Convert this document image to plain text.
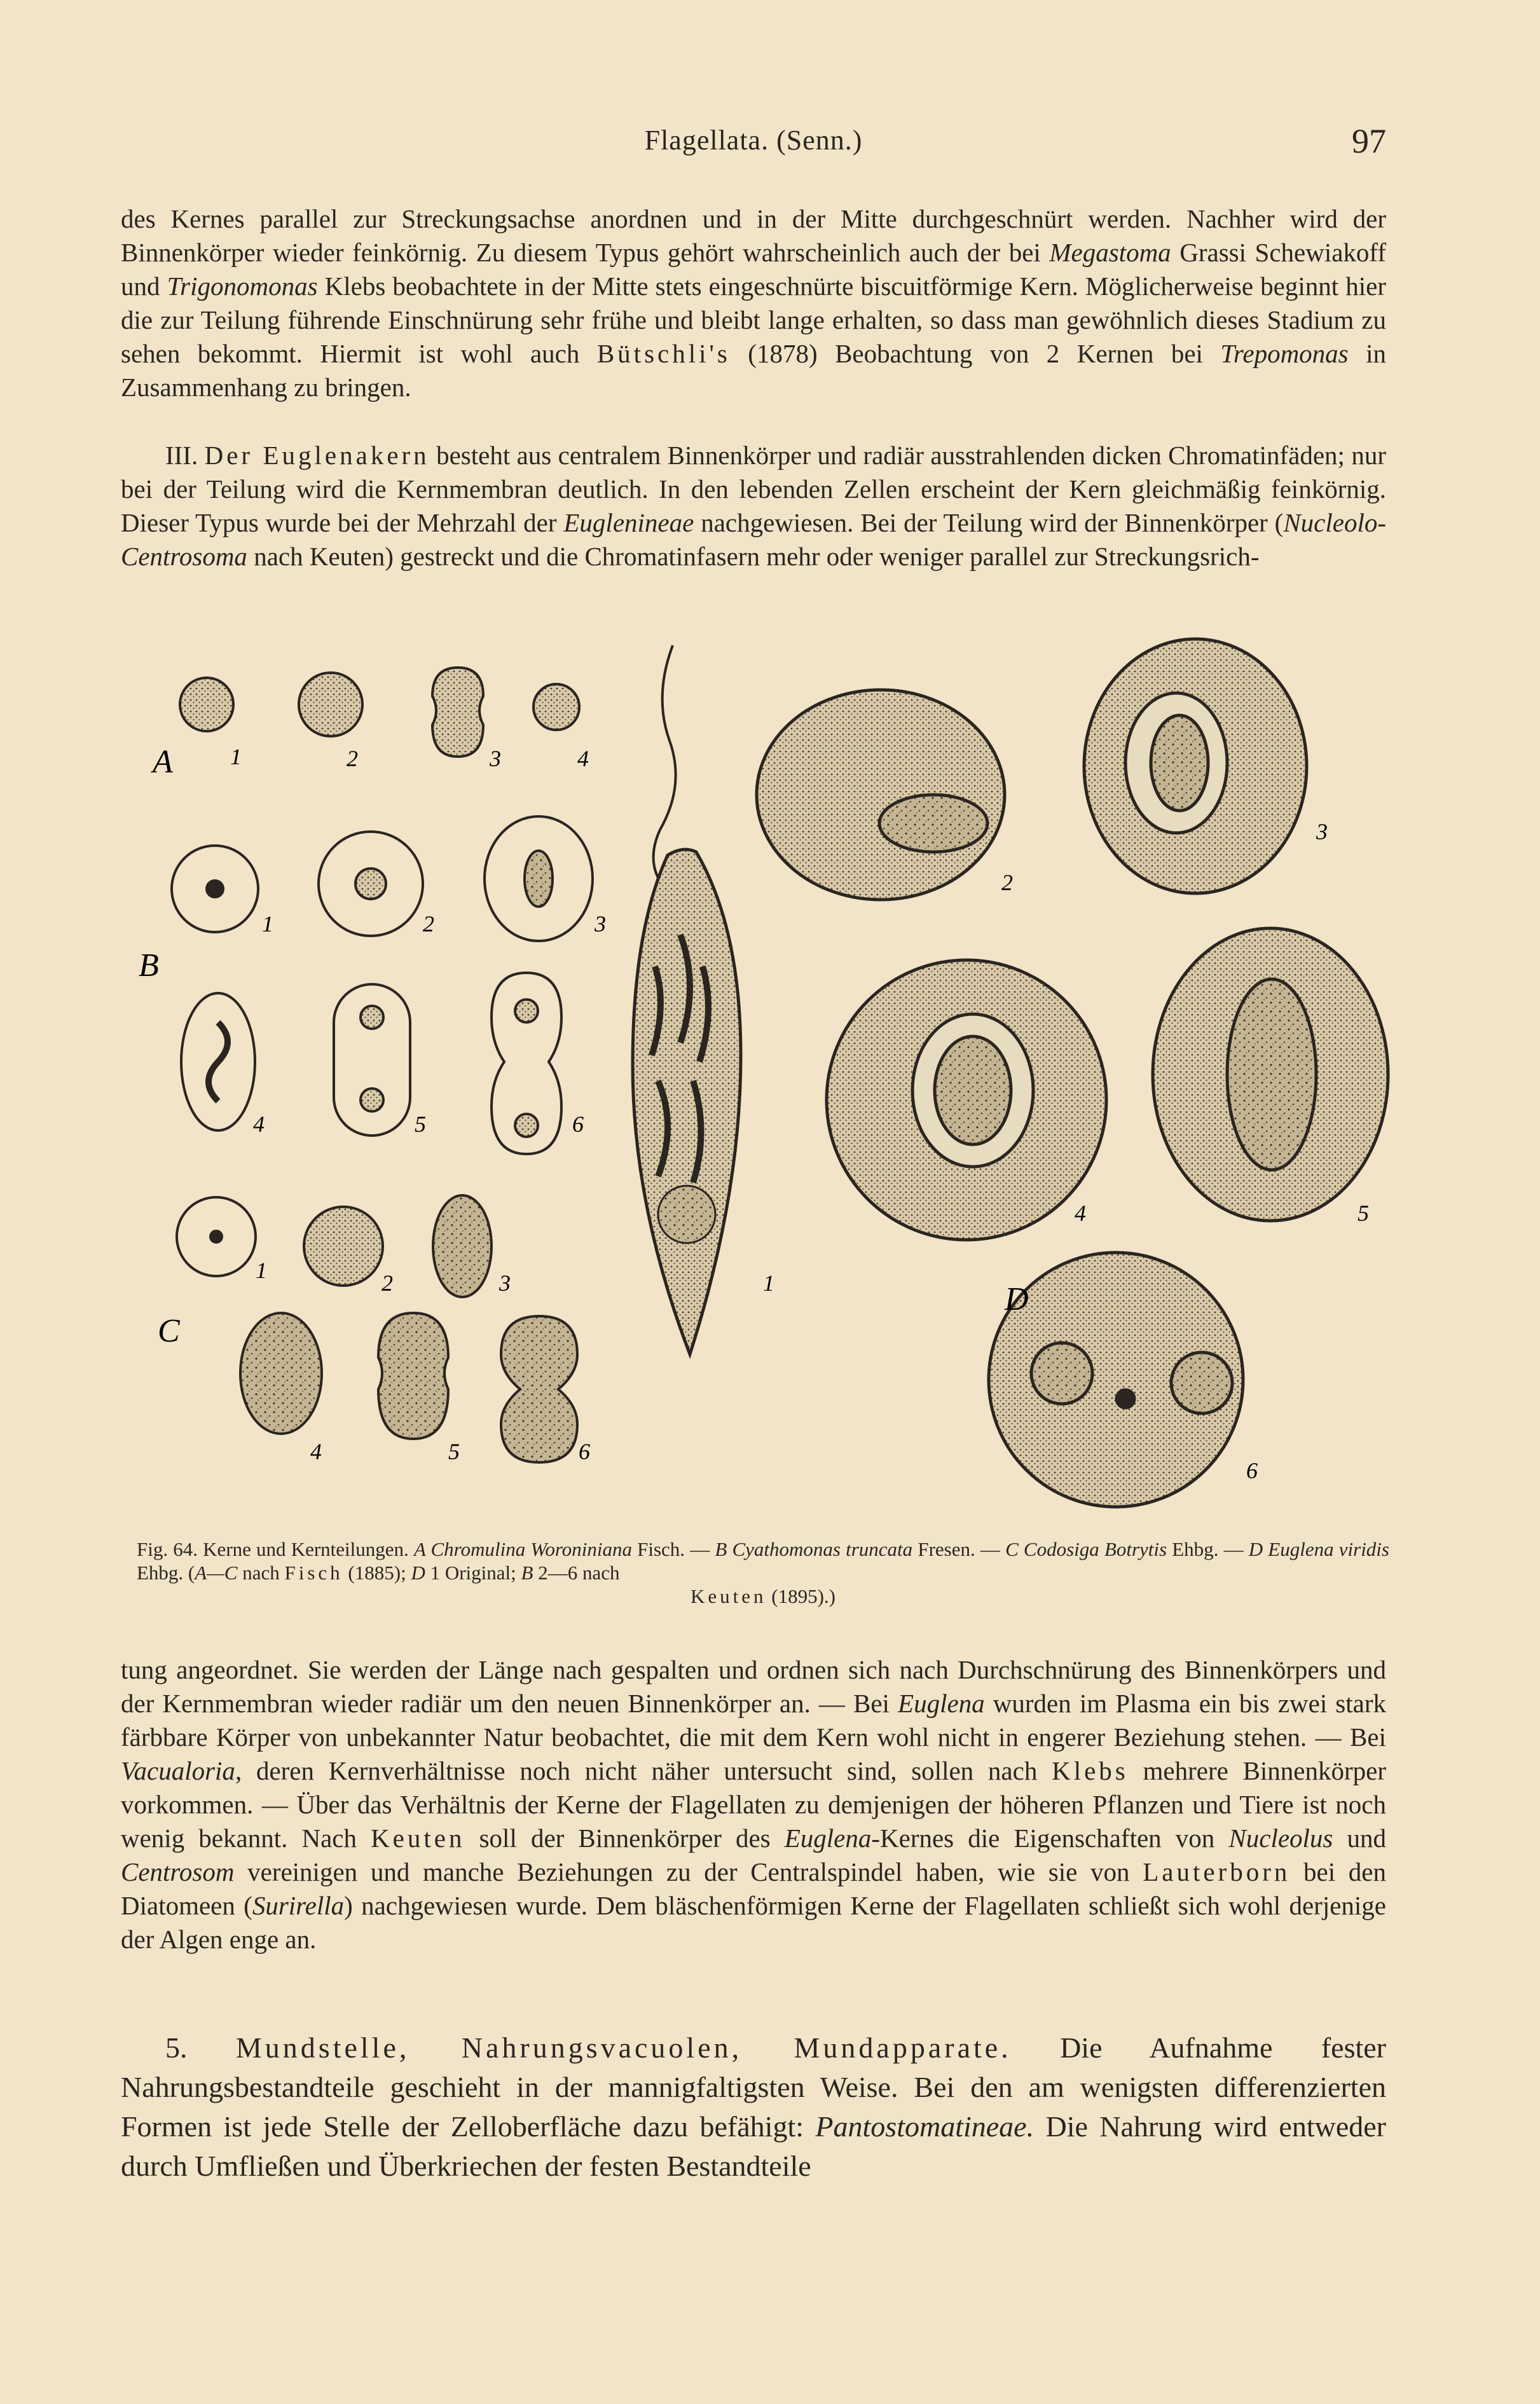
Flagellata. (Senn.)	97

des Kernes parallel zur Streckungsachse anordnen und in der Mitte durchgeschnürt werden. Nachher wird der Binnenkörper wieder feinkörnig. Zu diesem Typus gehört wahrscheinlich auch der bei Megastoma Grassi Schewiakoff und Trigonomonas Klebs beobachtete in der Mitte stets eingeschnürte biscuitförmige Kern. Möglicherweise beginnt hier die zur Teilung führende Einschnürung sehr frühe und bleibt lange erhalten, so dass man gewöhnlich dieses Stadium zu sehen bekommt. Hiermit ist wohl auch Bütschli's (1878) Beobachtung von 2 Kernen bei Trepomonas in Zusammenhang zu bringen.

III. Der Euglenakern besteht aus centralem Binnenkörper und radiär ausstrahlenden dicken Chromatinfäden; nur bei der Teilung wird die Kernmembran deutlich. In den lebenden Zellen erscheint der Kern gleichmäßig feinkörnig. Dieser Typus wurde bei der Mehrzahl der Euglenineae nachgewiesen. Bei der Teilung wird der Binnenkörper (Nucleolo-Centrosoma nach Keuten) gestreckt und die Chromatinfasern mehr oder weniger parallel zur Streckungsrich-

A	1	2	3	4
B
1	2	3
4	5	6
C
1	2	3
4	5	6
1	D
2
3
4	5
6
Fig. 64. Kerne und Kernteilungen. A Chromulina Woroniniana Fisch. — B Cyathomonas truncata Fresen. — C Codosiga Botrytis Ehbg. — D Euglena viridis Ehbg. (A—C nach Fisch (1885); D 1 Original; B 2—6 nach
Keuten (1895).)

tung angeordnet. Sie werden der Länge nach gespalten und ordnen sich nach Durchschnürung des Binnenkörpers und der Kernmembran wieder radiär um den neuen Binnenkörper an. — Bei Euglena wurden im Plasma ein bis zwei stark färbbare Körper von unbekannter Natur beobachtet, die mit dem Kern wohl nicht in engerer Beziehung stehen. — Bei Vacualoria, deren Kernverhältnisse noch nicht näher untersucht sind, sollen nach Klebs mehrere Binnenkörper vorkommen. — Über das Verhältnis der Kerne der Flagellaten zu demjenigen der höheren Pflanzen und Tiere ist noch wenig bekannt. Nach Keuten soll der Binnenkörper des Euglena-Kernes die Eigenschaften von Nucleolus und Centrosom vereinigen und manche Beziehungen zu der Centralspindel haben, wie sie von Lauterborn bei den Diatomeen (Surirella) nachgewiesen wurde. Dem bläschenförmigen Kerne der Flagellaten schließt sich wohl derjenige der Algen enge an.

5. Mundstelle, Nahrungsvacuolen, Mundapparate. Die Aufnahme fester Nahrungsbestandteile geschieht in der mannigfaltigsten Weise. Bei den am wenigsten differenzierten Formen ist jede Stelle der Zelloberfläche dazu befähigt: Pantostomatineae. Die Nahrung wird entweder durch Umfließen und Überkriechen der festen Bestandteile
